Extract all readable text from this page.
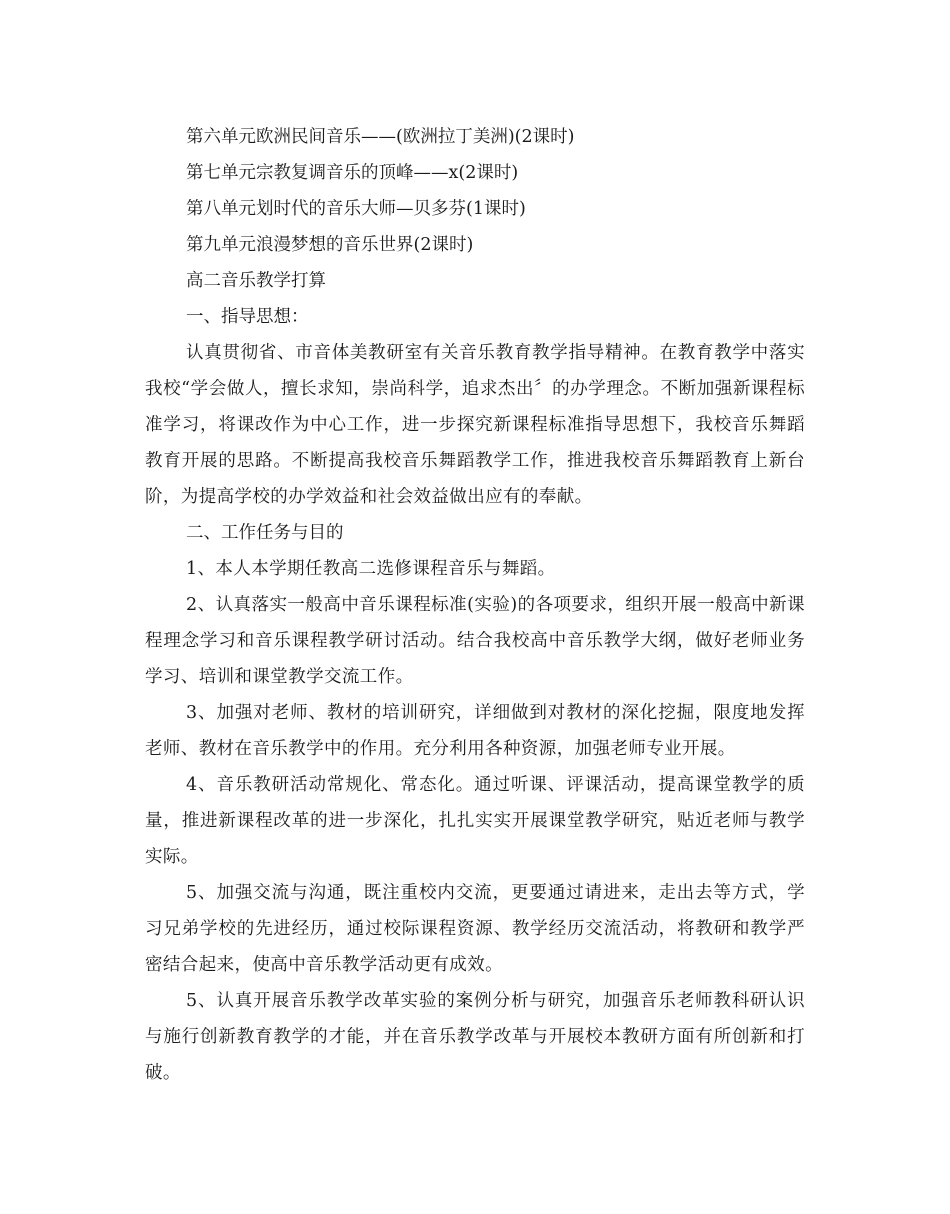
第六单元欧洲民间音乐——(欧洲拉丁美洲)(2课时)

第七单元宗教复调音乐的顶峰——x(2课时)

第八单元划时代的音乐大师—贝多芬(1课时)

第九单元浪漫梦想的音乐世界(2课时)

高二音乐教学打算

一、指导思想：

认真贯彻省、市音体美教研室有关音乐教育教学指导精神。在教育教学中落实我校“学会做人，擅长求知，崇尚科学，追求杰出〞的办学理念。不断加强新课程标准学习，将课改作为中心工作，进一步探究新课程标准指导思想下，我校音乐舞蹈教育开展的思路。不断提高我校音乐舞蹈教学工作，推进我校音乐舞蹈教育上新台阶，为提高学校的办学效益和社会效益做出应有的奉献。

二、工作任务与目的

1、本人本学期任教高二选修课程音乐与舞蹈。

2、认真落实一般高中音乐课程标准(实验)的各项要求，组织开展一般高中新课程理念学习和音乐课程教学研讨活动。结合我校高中音乐教学大纲，做好老师业务学习、培训和课堂教学交流工作。

3、加强对老师、教材的培训研究，详细做到对教材的深化挖掘，限度地发挥老师、教材在音乐教学中的作用。充分利用各种资源，加强老师专业开展。

4、音乐教研活动常规化、常态化。通过听课、评课活动，提高课堂教学的质量，推进新课程改革的进一步深化，扎扎实实开展课堂教学研究，贴近老师与教学实际。

5、加强交流与沟通，既注重校内交流，更要通过请进来，走出去等方式，学习兄弟学校的先进经历，通过校际课程资源、教学经历交流活动，将教研和教学严密结合起来，使高中音乐教学活动更有成效。

5、认真开展音乐教学改革实验的案例分析与研究，加强音乐老师教科研认识与施行创新教育教学的才能，并在音乐教学改革与开展校本教研方面有所创新和打破。
